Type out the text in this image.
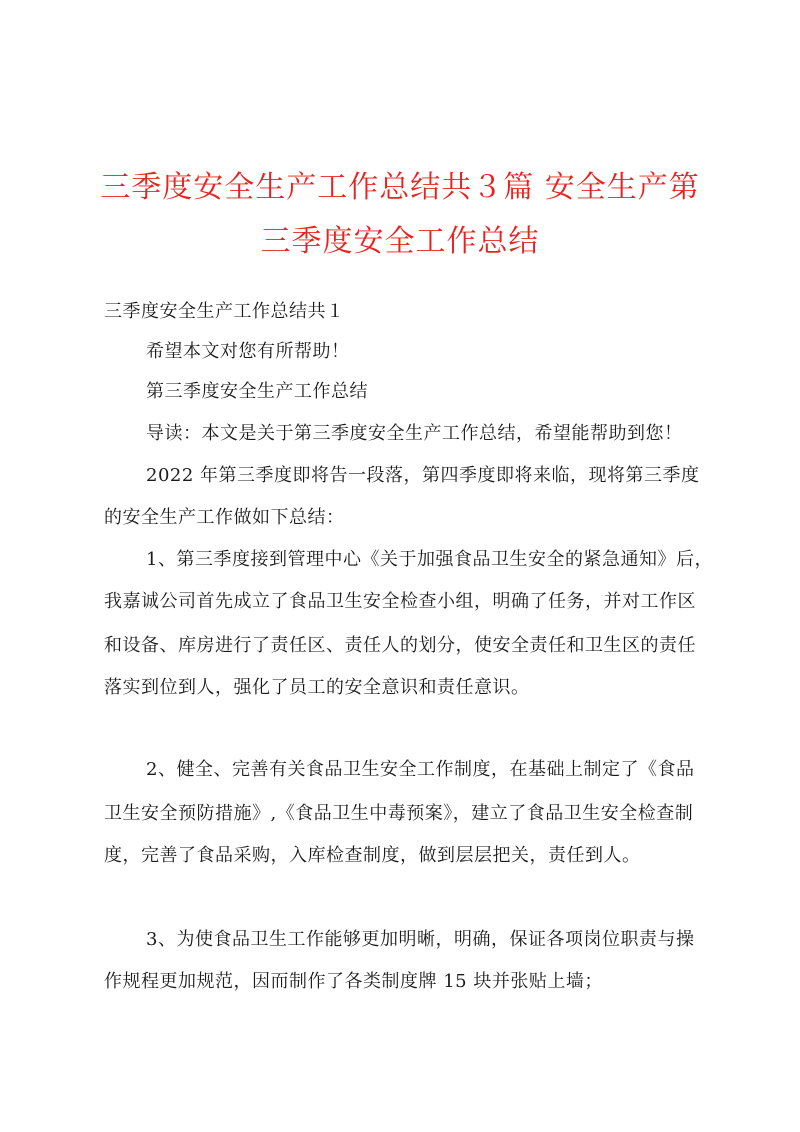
三季度安全生产工作总结共３篇 安全生产第
三季度安全工作总结

三季度安全生产工作总结共１

希望本文对您有所帮助！

第三季度安全生产工作总结

导读：本文是关于第三季度安全生产工作总结，希望能帮助到您！

2022 年第三季度即将告一段落，第四季度即将来临，现将第三季度

的安全生产工作做如下总结：

1、第三季度接到管理中心《关于加强食品卫生安全的紧急通知》后，

我嘉诚公司首先成立了食品卫生安全检查小组，明确了任务，并对工作区

和设备、库房进行了责任区、责任人的划分，使安全责任和卫生区的责任

落实到位到人，强化了员工的安全意识和责任意识。

2、健全、完善有关食品卫生安全工作制度，在基础上制定了《食品

卫生安全预防措施》,《食品卫生中毒预案》，建立了食品卫生安全检查制

度，完善了食品采购，入库检查制度，做到层层把关，责任到人。

3、为使食品卫生工作能够更加明晰，明确，保证各项岗位职责与操

作规程更加规范，因而制作了各类制度牌 15 块并张贴上墙；
